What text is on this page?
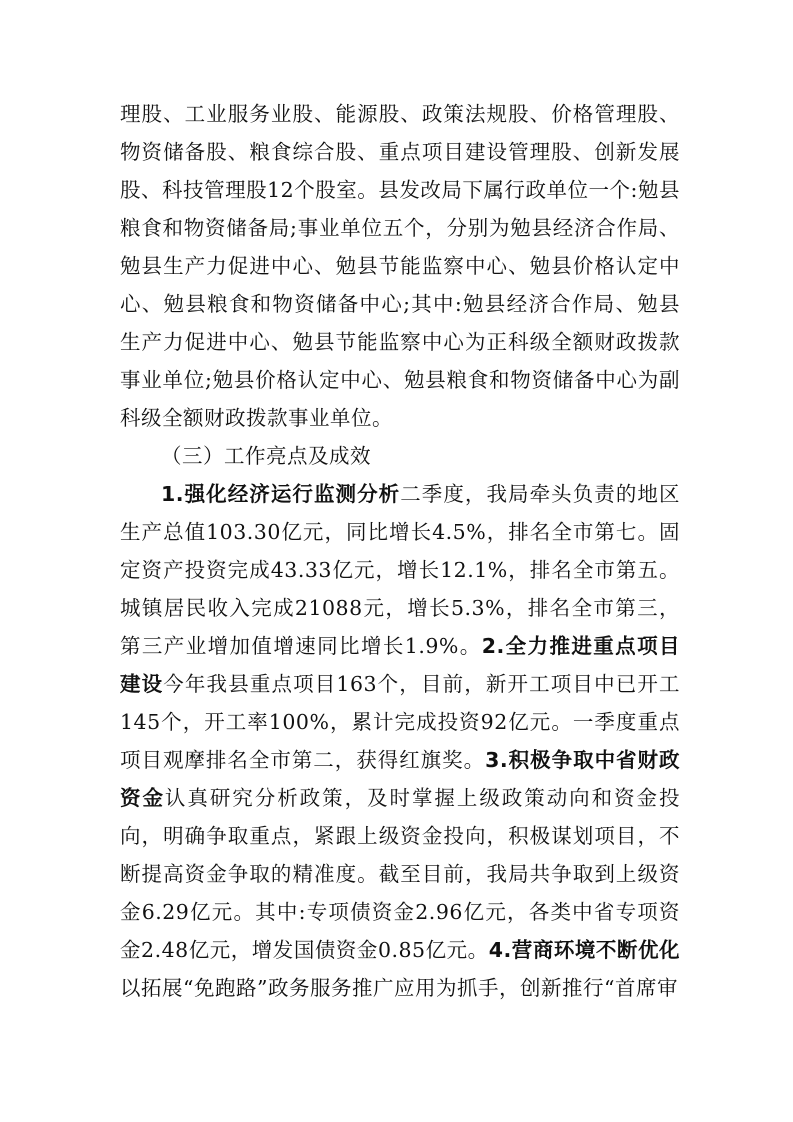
理股、工业服务业股、能源股、政策法规股、价格管理股、物资储备股、粮食综合股、重点项目建设管理股、创新发展股、科技管理股12个股室。县发改局下属行政单位一个:勉县粮食和物资储备局;事业单位五个，分别为勉县经济合作局、勉县生产力促进中心、勉县节能监察中心、勉县价格认定中心、勉县粮食和物资储备中心;其中:勉县经济合作局、勉县生产力促进中心、勉县节能监察中心为正科级全额财政拨款事业单位;勉县价格认定中心、勉县粮食和物资储备中心为副科级全额财政拨款事业单位。

（三）工作亮点及成效

1.强化经济运行监测分析二季度，我局牵头负责的地区生产总值103.30亿元，同比增长4.5%，排名全市第七。固定资产投资完成43.33亿元，增长12.1%，排名全市第五。城镇居民收入完成21088元，增长5.3%，排名全市第三，第三产业增加值增速同比增长1.9%。2.全力推进重点项目建设今年我县重点项目163个，目前，新开工项目中已开工145个，开工率100%，累计完成投资92亿元。一季度重点项目观摩排名全市第二，获得红旗奖。3.积极争取中省财政资金认真研究分析政策，及时掌握上级政策动向和资金投向，明确争取重点，紧跟上级资金投向，积极谋划项目，不断提高资金争取的精准度。截至目前，我局共争取到上级资金6.29亿元。其中:专项债资金2.96亿元，各类中省专项资金2.48亿元，增发国债资金0.85亿元。4.营商环境不断优化以拓展“免跑路”政务服务推广应用为抓手，创新推行“首席审
